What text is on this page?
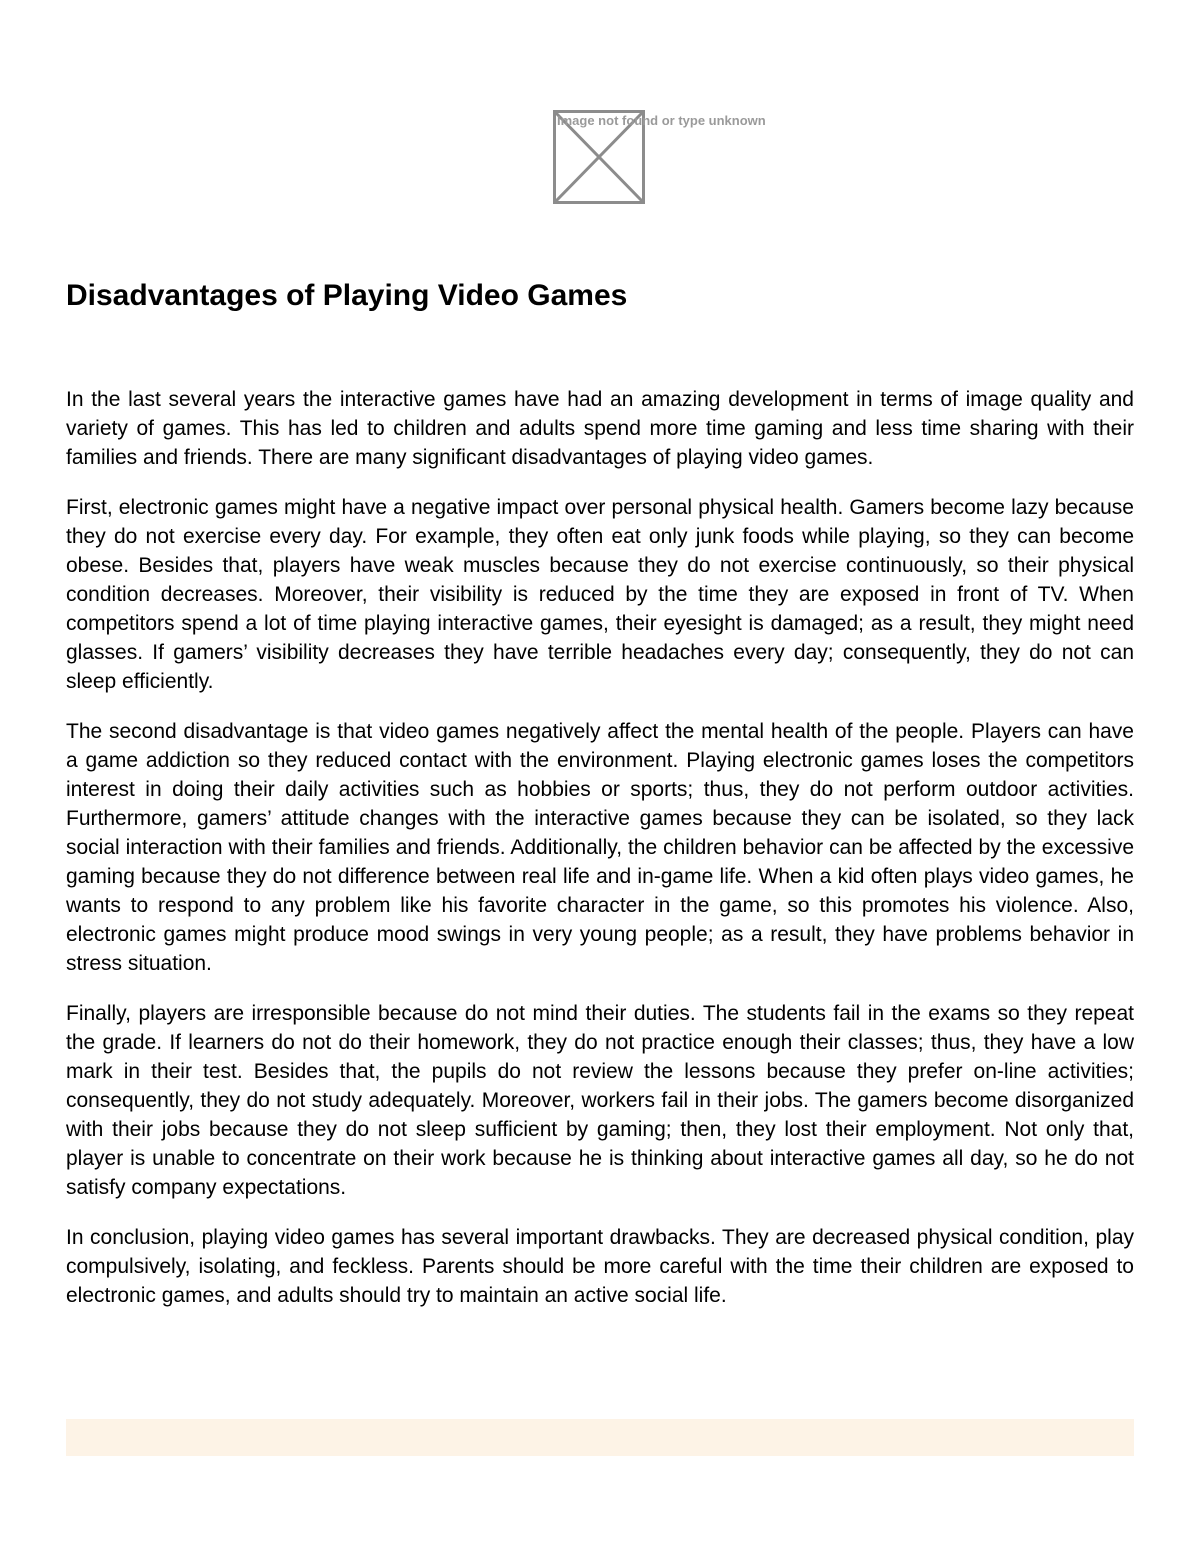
Image not found or type unknown
Disadvantages of Playing Video Games

In the last several years the interactive games have had an amazing development in terms of image quality and variety of games. This has led to children and adults spend more time gaming and less time sharing with their families and friends. There are many significant disadvantages of playing video games.

First, electronic games might have a negative impact over personal physical health. Gamers become lazy because they do not exercise every day. For example, they often eat only junk foods while playing, so they can become obese. Besides that, players have weak muscles because they do not exercise continuously, so their physical condition decreases. Moreover, their visibility is reduced by the time they are exposed in front of TV. When competitors spend a lot of time playing interactive games, their eyesight is damaged; as a result, they might need glasses. If gamers’ visibility decreases they have terrible headaches every day; consequently, they do not can sleep efficiently.

The second disadvantage is that video games negatively affect the mental health of the people. Players can have a game addiction so they reduced contact with the environment. Playing electronic games loses the competitors interest in doing their daily activities such as hobbies or sports; thus, they do not perform outdoor activities. Furthermore, gamers’ attitude changes with the interactive games because they can be isolated, so they lack social interaction with their families and friends. Additionally, the children behavior can be affected by the excessive gaming because they do not difference between real life and in-game life. When a kid often plays video games, he wants to respond to any problem like his favorite character in the game, so this promotes his violence. Also, electronic games might produce mood swings in very young people; as a result, they have problems behavior in stress situation.

Finally, players are irresponsible because do not mind their duties. The students fail in the exams so they repeat the grade. If learners do not do their homework, they do not practice enough their classes; thus, they have a low mark in their test. Besides that, the pupils do not review the lessons because they prefer on-line activities; consequently, they do not study adequately. Moreover, workers fail in their jobs. The gamers become disorganized with their jobs because they do not sleep sufficient by gaming; then, they lost their employment. Not only that, player is unable to concentrate on their work because he is thinking about interactive games all day, so he do not satisfy company expectations.

In conclusion, playing video games has several important drawbacks. They are decreased physical condition, play compulsively, isolating, and feckless. Parents should be more careful with the time their children are exposed to electronic games, and adults should try to maintain an active social life.
